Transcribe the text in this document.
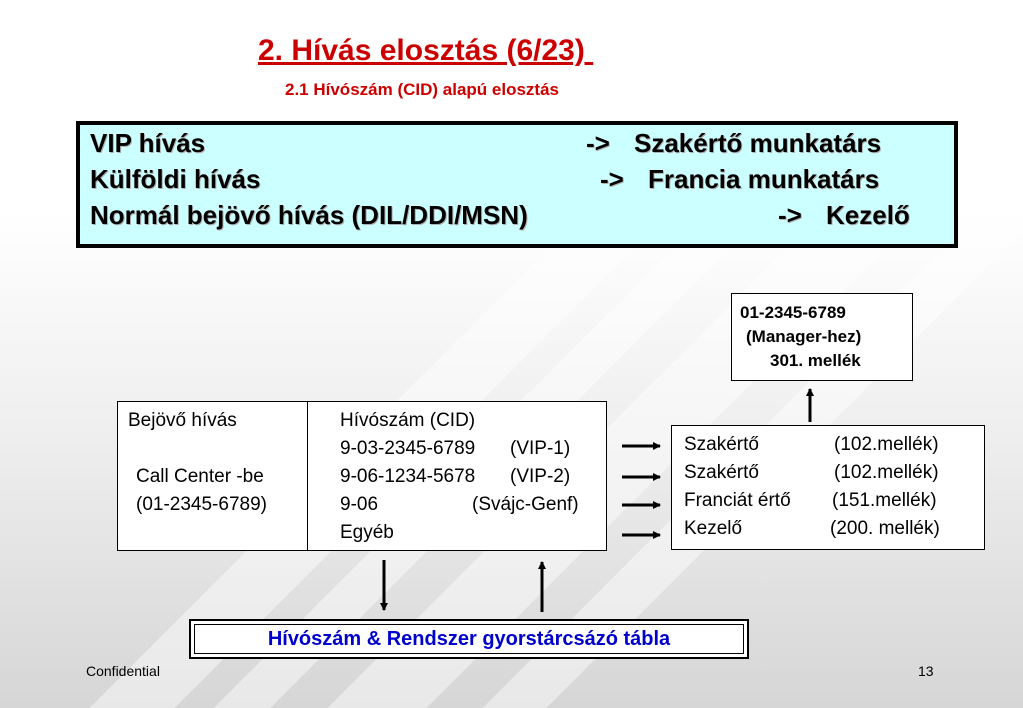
2. Hívás elosztás (6/23)
2.1 Hívószám (CID) alapú elosztás
VIP hívás	-> Szakértő munkatárs
Külföldi hívás	-> Francia munkatárs
Normál bejövő hívás (DIL/DDI/MSN)	-> Kezelő
01-2345-6789
(Manager-hez)
301. mellék
Bejövő hívás	Hívószám (CID)
Call Center -be
(01-2345-6789)
9-03-2345-6789 (VIP-1)
9-06-1234-5678 (VIP-2)
9-06	(Svájc-Genf)
Egyéb
Szakértő	(102.mellék)
Szakértő	(102.mellék)
Franciát értő (151.mellék)
Kezelő	(200. mellék)
Hívószám & Rendszer gyorstárcsázó tábla
Confidential	13
